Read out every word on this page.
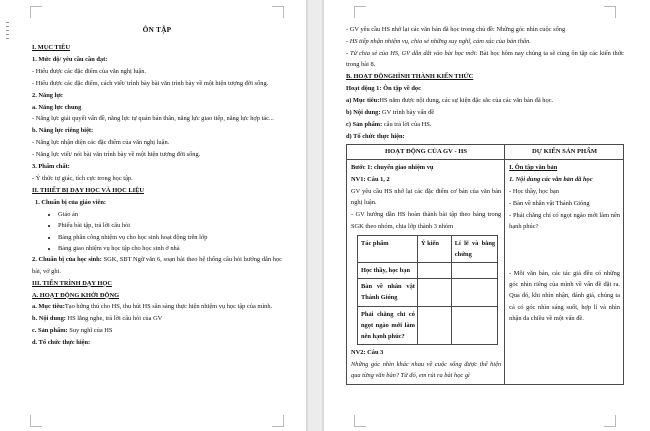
ÔN TẬP

I. MỤC TIÊU

1. Mức độ/ yêu cầu cần đạt:

- Hiểu được các đặc điểm của văn nghị luận.

- Hiểu được các đặc điểm, cách viết/ trình bày bài văn trình bày về một hiện tượng đời sống.

2. Năng lực

a. Năng lực chung

- Năng lực giải quyết vấn đề, năng lực tự quản bản thân, năng lực giao tiếp, năng lực hợp tác...

b. Năng lực riêng biệt:

- Năng lực nhận diện các đặc điểm của văn nghị luận.

- Năng lực viết/ nói bài văn trình bày về một hiện tượng đời sống.

3. Phẩm chất:

- Ý thức tự giác, tích cực trong học tập.

II. THIẾT BỊ DẠY HỌC VÀ HỌC LIỆU

1. Chuẩn bị của giáo viên:

• Giáo án
• Phiếu bài tập, trả lời câu hỏi
• Bảng phân công nhiệm vụ cho học sinh hoạt động trên lớp
• Bảng giao nhiệm vụ học tập cho học sinh ở nhà

2. Chuẩn bị của học sinh: SGK, SBT Ngữ văn 6, soạn bài theo hệ thống câu hỏi hướng dẫn học bài, vở ghi.

III. TIẾN TRÌNH DẠY HỌC

A. HOẠT ĐỘNG KHỞI ĐỘNG

a. Mục tiêu:Tạo hứng thú cho HS, thu hút HS sẵn sàng thực hiện nhiệm vụ học tập của mình.

b. Nội dung: HS lắng nghe, trả lời câu hỏi của GV

c. Sản phẩm: Suy nghĩ của HS

d. Tổ chức thực hiện:

- GV yêu cầu HS nhớ lại các văn bản đã học trong chủ đề: Những góc nhìn cuộc sống

- HS tiếp nhận nhiệm vụ, chia sẻ những suy nghĩ, cảm xúc của bản thân.

- Từ chia sẻ của HS, GV dẫn dắt vào bài học mới: Bài học hôm nay chúng ta sẽ cùng ôn tập các kiến thức trong bài 8.

B. HOẠT ĐỘNGHÌNH THÀNH KIẾN THỨC

Hoạt động 1: Ôn tập về đọc

a) Mục tiêu:HS nắm được nội dung, các sự kiện đặc sắc của các văn bản đã học.

b) Nội dung: GV trình bày vấn đề

c) Sản phẩm: câu trả lời của HS.

d) Tổ chức thực hiện:

HOẠT ĐỘNG CỦA GV - HS	DỰ KIẾN SẢN PHẨM

Bước 1: chuyển giao nhiệm vụ

NV1: Câu 1, 2

GV yêu cầu HS nhớ lại các đặc điểm cơ bản của văn bản nghị luận.

- GV hướng dẫn HS hoàn thành bài tập theo bảng trong SGK theo nhóm, chia lớp thành 3 nhóm

Tác phẩm	Ý kiến	Lí lẽ và bằng chứng
Học thầy, học bạn	

Bàn về nhân vật Thánh Gióng	

Phải chăng chỉ có ngọt ngào mới làm nên hạnh phúc?	

NV2: Câu 3

Những góc nhìn khác nhau về cuộc sống được thể hiện qua từng văn bản? Từ đó, em rút ra bài học gì

I. Ôn tập văn bản

1. Nội dung các văn bản đã học

- Học thầy, học bạn

- Bàn về nhân vật Thánh Gióng

- Phải chăng chỉ có ngọt ngào mới làm nên hạnh phúc?

- Mỗi văn bản, các tác giả đều có những góc nhìn riêng của mình về vấn đề đặt ra. Qua đó, khi nhìn nhận, đánh giá, chúng ta cả có góc nhìn sáng suốt, hợp lí và nhìn nhận đa chiều về một vấn đề.
